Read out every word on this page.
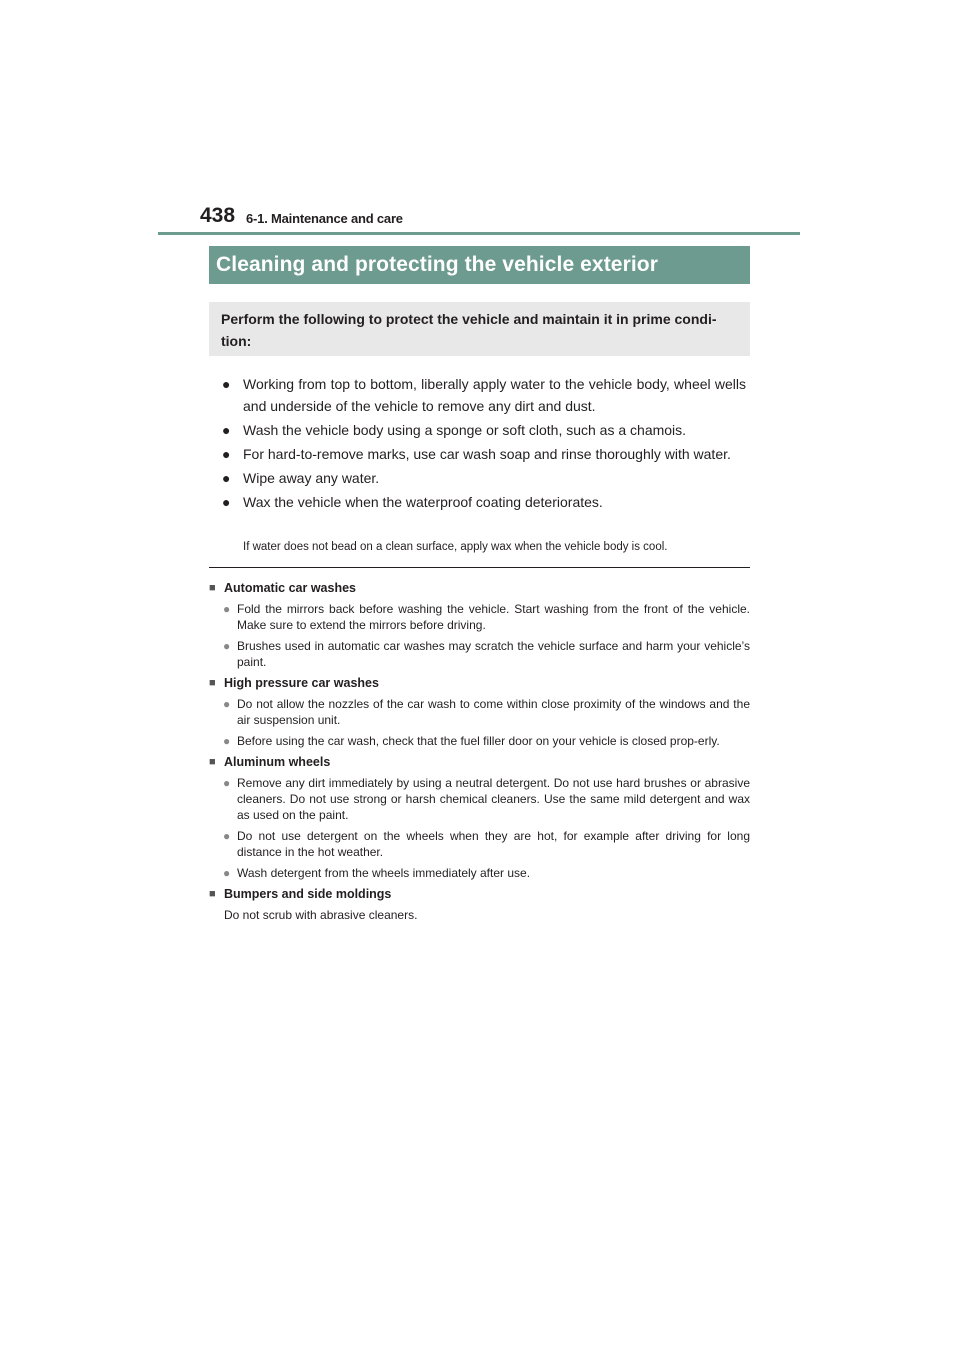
438 6-1. Maintenance and care
Cleaning and protecting the vehicle exterior
Perform the following to protect the vehicle and maintain it in prime condi-
tion:
● Working from top to bottom, liberally apply water to the vehicle body, wheel wells and underside of the vehicle to remove any dirt and dust.
● Wash the vehicle body using a sponge or soft cloth, such as a chamois.
● For hard-to-remove marks, use car wash soap and rinse thoroughly with water.
● Wipe away any water.
● Wax the vehicle when the waterproof coating deteriorates.
If water does not bead on a clean surface, apply wax when the vehicle body is cool.
■ Automatic car washes
● Fold the mirrors back before washing the vehicle. Start washing from the front of the vehicle. Make sure to extend the mirrors before driving.
● Brushes used in automatic car washes may scratch the vehicle surface and harm your vehicle’s paint.
■ High pressure car washes
● Do not allow the nozzles of the car wash to come within close proximity of the windows and the air suspension unit.
● Before using the car wash, check that the fuel filler door on your vehicle is closed prop-erly.
■ Aluminum wheels
● Remove any dirt immediately by using a neutral detergent. Do not use hard brushes or abrasive cleaners. Do not use strong or harsh chemical cleaners. Use the same mild detergent and wax as used on the paint.
● Do not use detergent on the wheels when they are hot, for example after driving for long distance in the hot weather.
● Wash detergent from the wheels immediately after use.
■ Bumpers and side moldings
Do not scrub with abrasive cleaners.
